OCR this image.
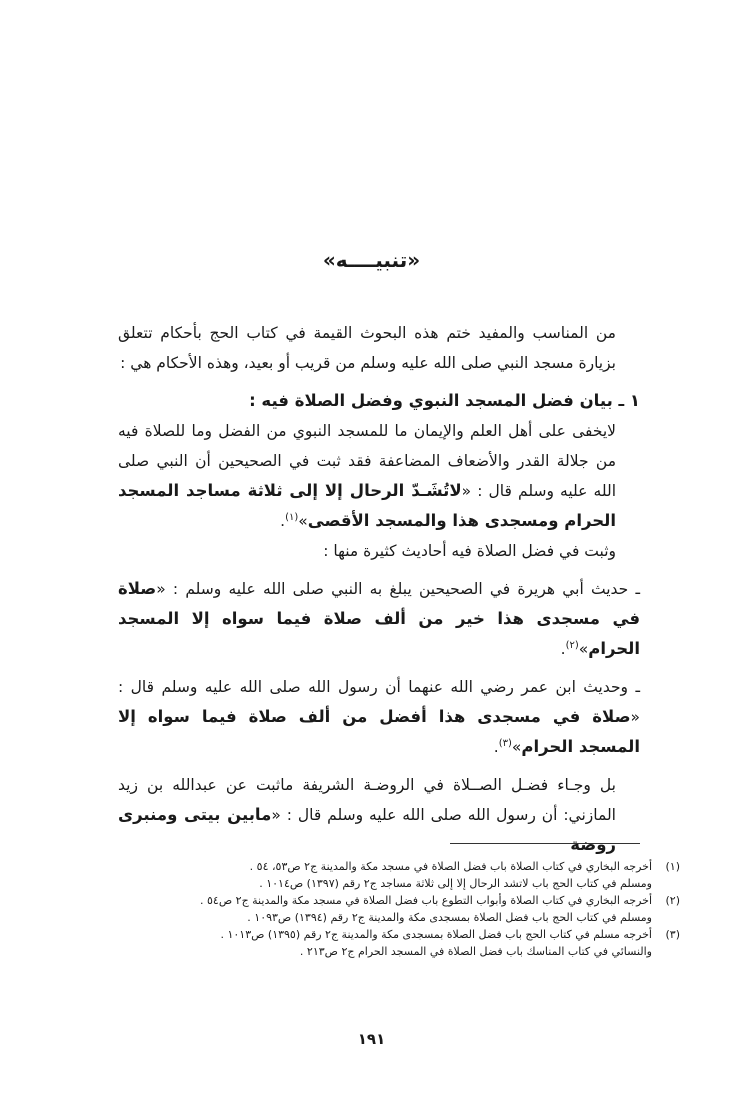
«تنبيــــه»

من المناسب والمفيد ختم هذه البحوث القيمة في كتاب الحج بأحكام تتعلق بزيارة مسجد النبي صلى الله عليه وسلم من قريب أو بعيد، وهذه الأحكام هي :

١ ـ بيان فضل المسجد النبوي وفضل الصلاة فيه :

لايخفى على أهل العلم والإيمان ما للمسجد النبوي من الفضل وما للصلاة فيه من جلالة القدر والأضعاف المضاعفة فقد ثبت في الصحيحين أن النبي صلى الله عليه وسلم قال : «لاتُشَـدّ الرحال إلا إلى ثلاثة مساجد المسجد الحرام ومسجدى هذا والمسجد الأقصى»$^{(١)}$.

وثبت في فضل الصلاة فيه أحاديث كثيرة منها :

ـ حديث أبي هريرة في الصحيحين يبلغ به النبي صلى الله عليه وسلم : «صلاة في مسجدى هذا خير من ألف صلاة فيما سواه إلا المسجد الحرام»$^{(٢)}$.

ـ وحديث ابن عمر رضي الله عنهما أن رسول الله صلى الله عليه وسلم قال : «صلاة في مسجدى هذا أفضل من ألف صلاة فيما سواه إلا المسجد الحرام»$^{(٣)}$.

بل وجـاء فضـل الصــلاة في الروضـة الشريفة ماثبت عن عبدالله بن زيد المازني: أن رسول الله صلى الله عليه وسلم قال : «مابين بيتى ومنبرى روضة

(١)
أخرجه البخاري في كتاب الصلاة باب فضل الصلاة في مسجد مكة والمدينة ج٢ ص٥٣، ٥٤ .
ومسلم في كتاب الحج باب لاتشد الرحال إلا إلى ثلاثة مساجد ج٢ رقم (١٣٩٧) ص١٠١٤ .
(٢)
أخرجه البخاري في كتاب الصلاة وأبواب التطوع باب فضل الصلاة في مسجد مكة والمدينة ج٢ ص٥٤ .
ومسلم في كتاب الحج باب فضل الصلاة بمسجدى مكة والمدينة ج٢ رقم (١٣٩٤) ص١٠٩٣ .
(٣)
أخرجه مسلم في كتاب الحج باب فضل الصلاة بمسجدى مكة والمدينة ج٢ رقم (١٣٩٥) ص١٠١٣ .
والنسائي في كتاب المناسك باب فضل الصلاة في المسجد الحرام ج٢ ص٢١٣ .
١٩١
